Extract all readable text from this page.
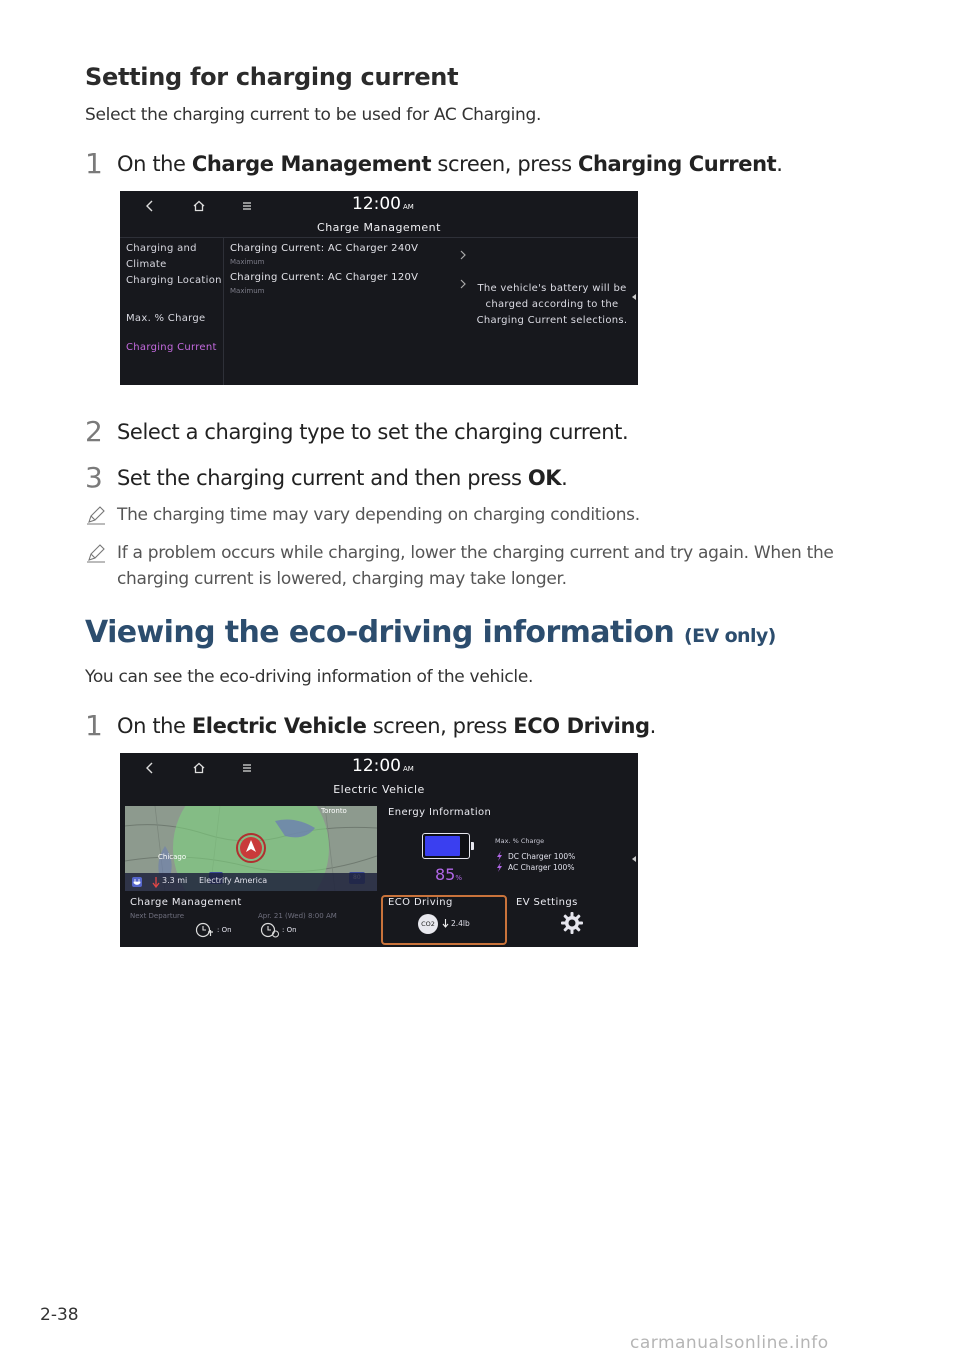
Setting for charging current
Select the charging current to be used for AC Charging.
1 On the Charge Management screen, press Charging Current.
12:00 AM
Charge Management
Charging and Climate
Charging Location
Max. % Charge
Charging Current
Charging Current: AC Charger 240V
Maximum
Charging Current: AC Charger 120V
Maximum	The vehicle's battery will be charged according to the Charging Current selections.
2 Select a charging type to set the charging current.
3 Set the charging current and then press OK.
The charging time may vary depending on charging conditions.
If a problem occurs while charging, lower the charging current and try again. When the charging current is lowered, charging may take longer.
Viewing the eco-driving information (EV only)
You can see the eco-driving information of the vehicle.
1 On the Electric Vehicle screen, press ECO Driving.
12:00 AM
Electric Vehicle
Toronto
Chicago
3.3 mi Electrify America
Energy Information
85%
Max. % Charge
DC Charger 100%
AC Charger 100%
Charge Management
Next Departure	Apr. 21 (Wed) 8:00 AM
: On	: On
ECO Driving
CO2	2.4lb
EV Settings
2-38
carmanualsonline.info
